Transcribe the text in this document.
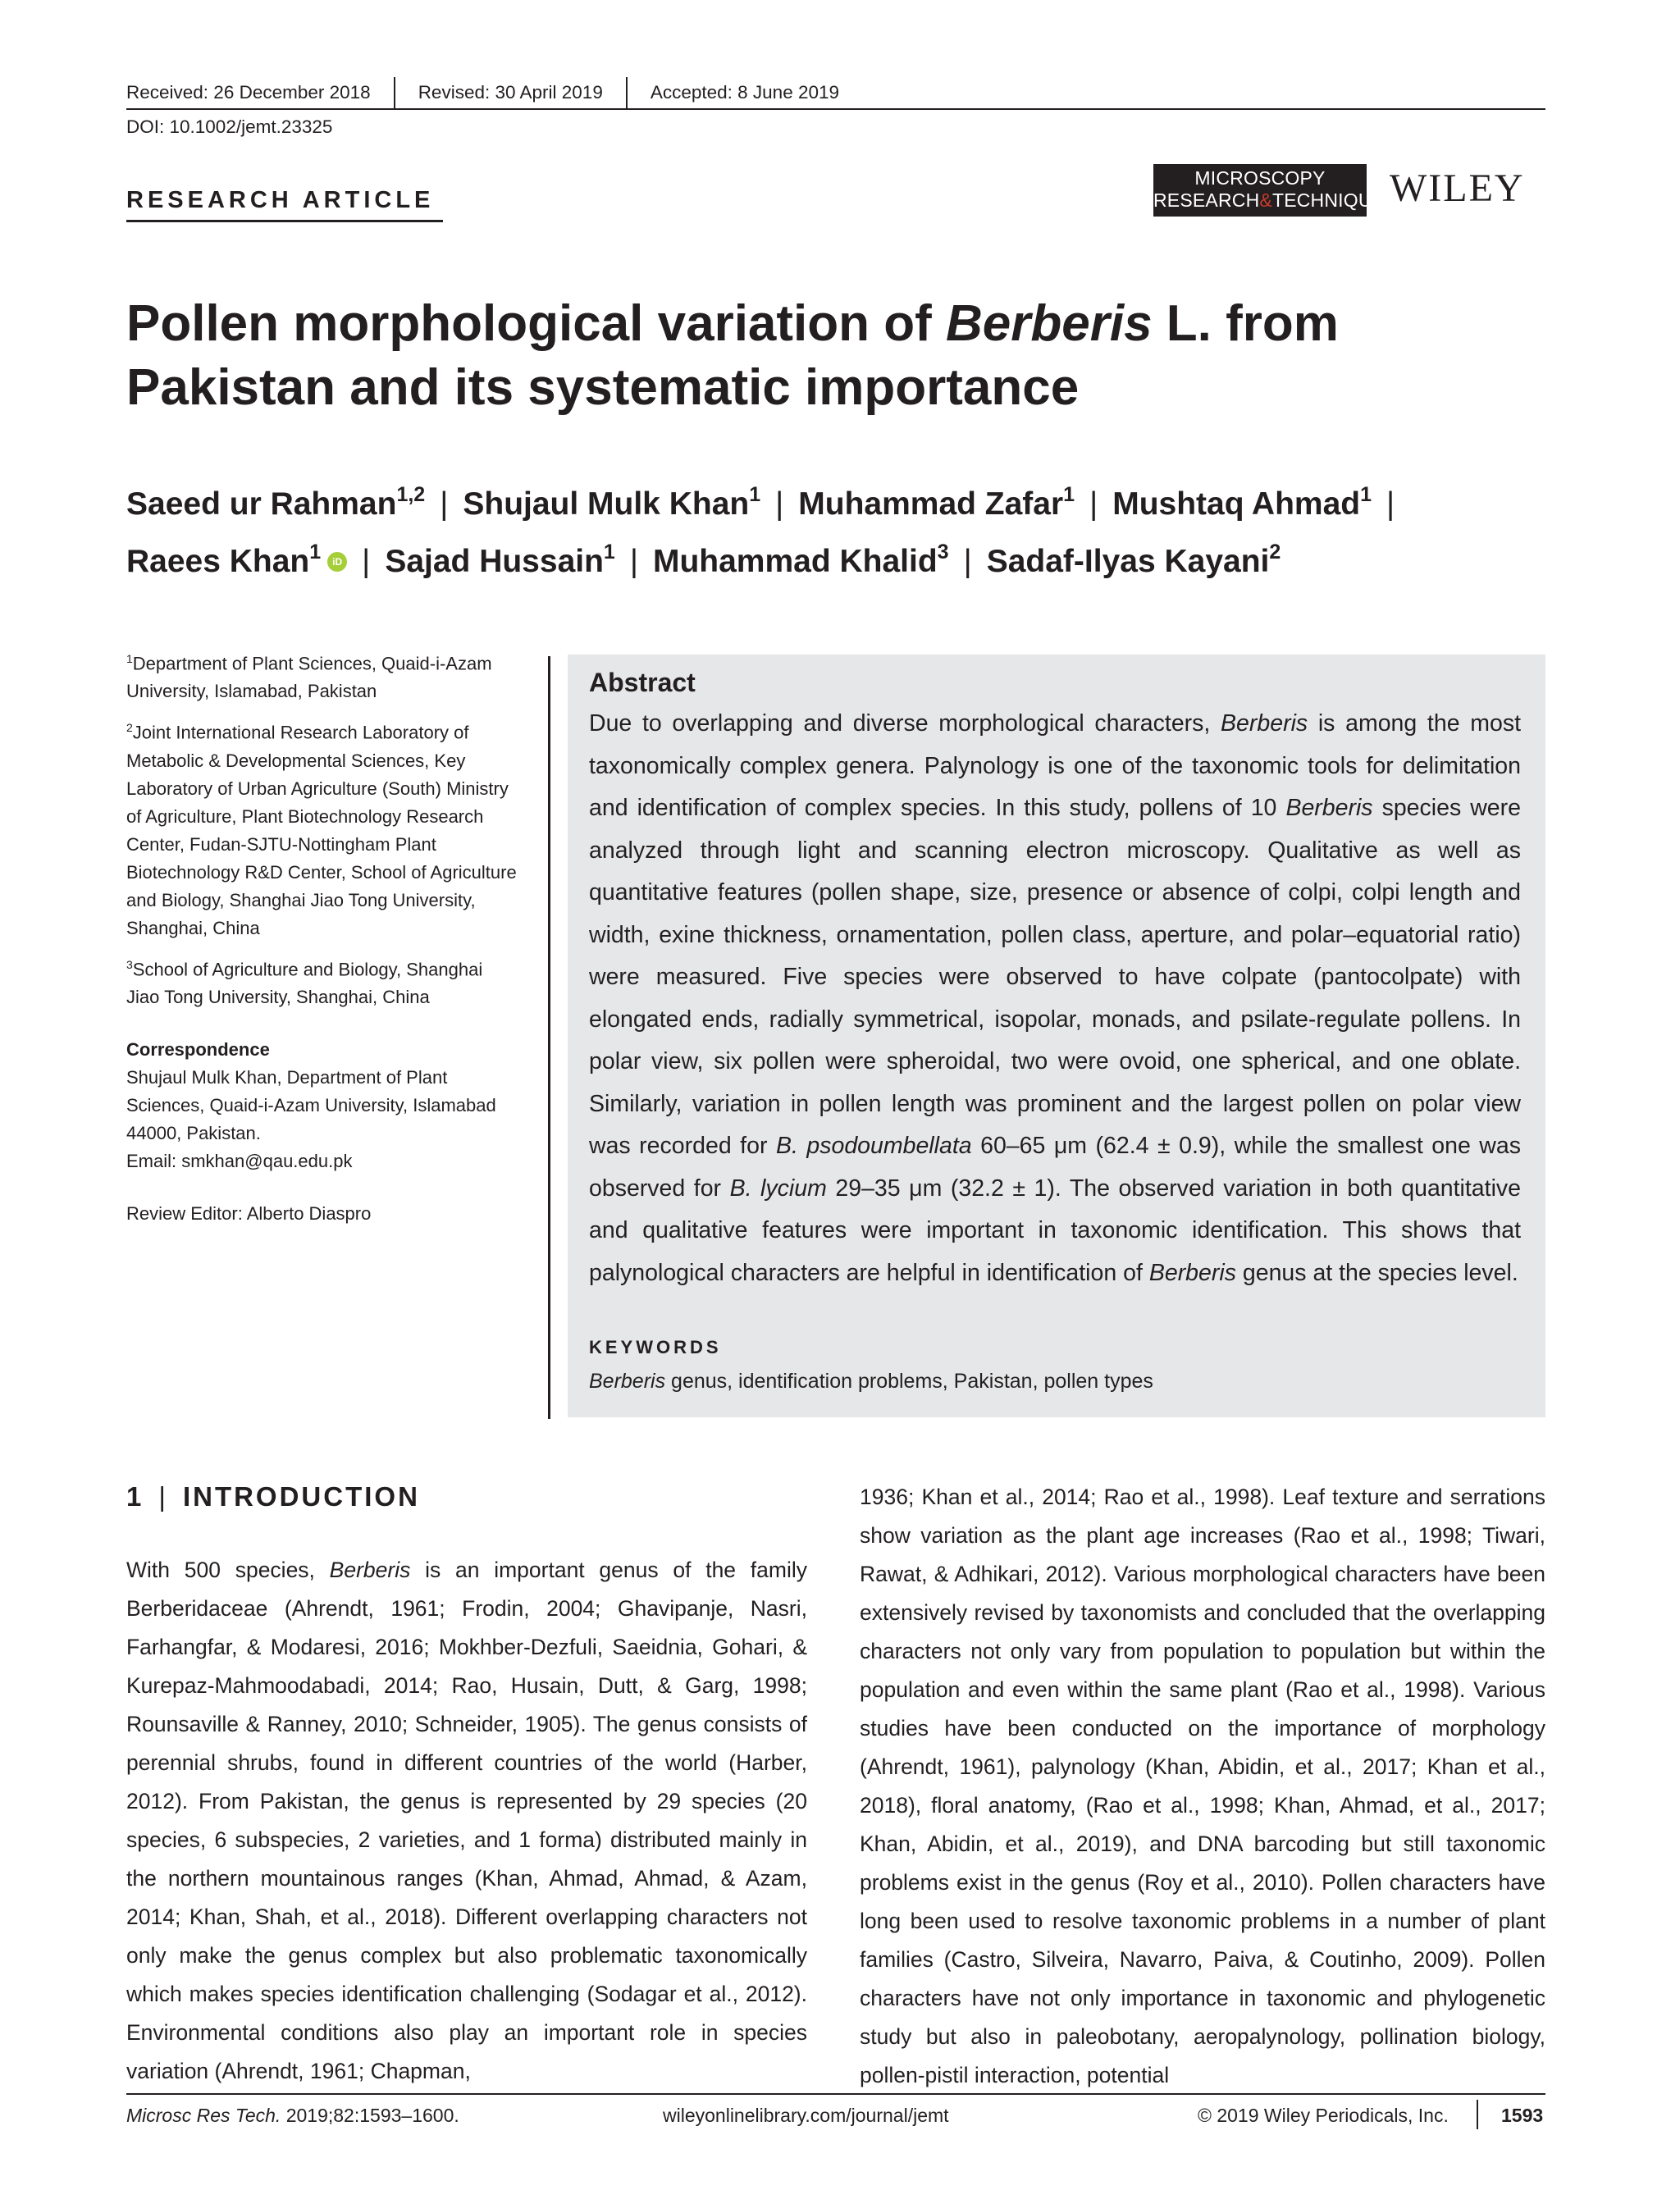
Received: 26 December 2018	Revised: 30 April 2019	Accepted: 8 June 2019
DOI: 10.1002/jemt.23325
RESEARCH ARTICLE
MICROSCOPY
RESEARCH&TECHNIQUE WILEY
Pollen morphological variation of Berberis L. from Pakistan and its systematic importance
Saeed ur Rahman$^{1,2}$ | Shujaul Mulk Khan$^1$ | Muhammad Zafar$^1$ | Mushtaq Ahmad$^1$ |
Raees Khan$^1$ iD | Sajad Hussain$^1$ | Muhammad Khalid$^3$ | Sadaf-Ilyas Kayani$^2$

$^1$Department of Plant Sciences, Quaid-i-Azam University, Islamabad, Pakistan

$^2$Joint International Research Laboratory of Metabolic & Developmental Sciences, Key Laboratory of Urban Agriculture (South) Ministry of Agriculture, Plant Biotechnology Research Center, Fudan-SJTU-Nottingham Plant Biotechnology R&D Center, School of Agriculture and Biology, Shanghai Jiao Tong University, Shanghai, China

$^3$School of Agriculture and Biology, Shanghai Jiao Tong University, Shanghai, China

Correspondence
Shujaul Mulk Khan, Department of Plant Sciences, Quaid-i-Azam University, Islamabad 44000, Pakistan.
Email: smkhan@qau.edu.pk

Review Editor: Alberto Diaspro

Abstract

Due to overlapping and diverse morphological characters, Berberis is among the most taxonomically complex genera. Palynology is one of the taxonomic tools for delimitation and identification of complex species. In this study, pollens of 10 Berberis species were analyzed through light and scanning electron microscopy. Qualitative as well as quantitative features (pollen shape, size, presence or absence of colpi, colpi length and width, exine thickness, ornamentation, pollen class, aperture, and polar–equatorial ratio) were measured. Five species were observed to have colpate (pantocolpate) with elongated ends, radially symmetrical, isopolar, monads, and psilate-regulate pollens. In polar view, six pollen were spheroidal, two were ovoid, one spherical, and one oblate. Similarly, variation in pollen length was prominent and the largest pollen on polar view was recorded for B. psodoumbellata 60–65 μm (62.4 ± 0.9), while the smallest one was observed for B. lycium 29–35 μm (32.2 ± 1). The observed variation in both quantitative and qualitative features were important in taxonomic identification. This shows that palynological characters are helpful in identification of Berberis genus at the species level.

KEYWORDS
Berberis genus, identification problems, Pakistan, pollen types
1 | INTRODUCTION

With 500 species, Berberis is an important genus of the family Berberidaceae (Ahrendt, 1961; Frodin, 2004; Ghavipanje, Nasri, Farhangfar, & Modaresi, 2016; Mokhber-Dezfuli, Saeidnia, Gohari, & Kurepaz-Mahmoodabadi, 2014; Rao, Husain, Dutt, & Garg, 1998; Rounsaville & Ranney, 2010; Schneider, 1905). The genus consists of perennial shrubs, found in different countries of the world (Harber, 2012). From Pakistan, the genus is represented by 29 species (20 species, 6 subspecies, 2 varieties, and 1 forma) distributed mainly in the northern mountainous ranges (Khan, Ahmad, Ahmad, & Azam, 2014; Khan, Shah, et al., 2018). Different overlapping characters not only make the genus complex but also problematic taxonomically which makes species identification challenging (Sodagar et al., 2012). Environmental conditions also play an important role in species variation (Ahrendt, 1961; Chapman,

1936; Khan et al., 2014; Rao et al., 1998). Leaf texture and serrations show variation as the plant age increases (Rao et al., 1998; Tiwari, Rawat, & Adhikari, 2012). Various morphological characters have been extensively revised by taxonomists and concluded that the overlapping characters not only vary from population to population but within the population and even within the same plant (Rao et al., 1998). Various studies have been conducted on the importance of morphology (Ahrendt, 1961), palynology (Khan, Abidin, et al., 2017; Khan et al., 2018), floral anatomy, (Rao et al., 1998; Khan, Ahmad, et al., 2017; Khan, Abidin, et al., 2019), and DNA barcoding but still taxonomic problems exist in the genus (Roy et al., 2010). Pollen characters have long been used to resolve taxonomic problems in a number of plant families (Castro, Silveira, Navarro, Paiva, & Coutinho, 2009). Pollen characters have not only importance in taxonomic and phylogenetic study but also in paleobotany, aeropalynology, pollination biology, pollen-pistil interaction, potential

Microsc Res Tech. 2019;82:1593–1600.	wileyonlinelibrary.com/journal/jemt	© 2019 Wiley Periodicals, Inc.	1593
